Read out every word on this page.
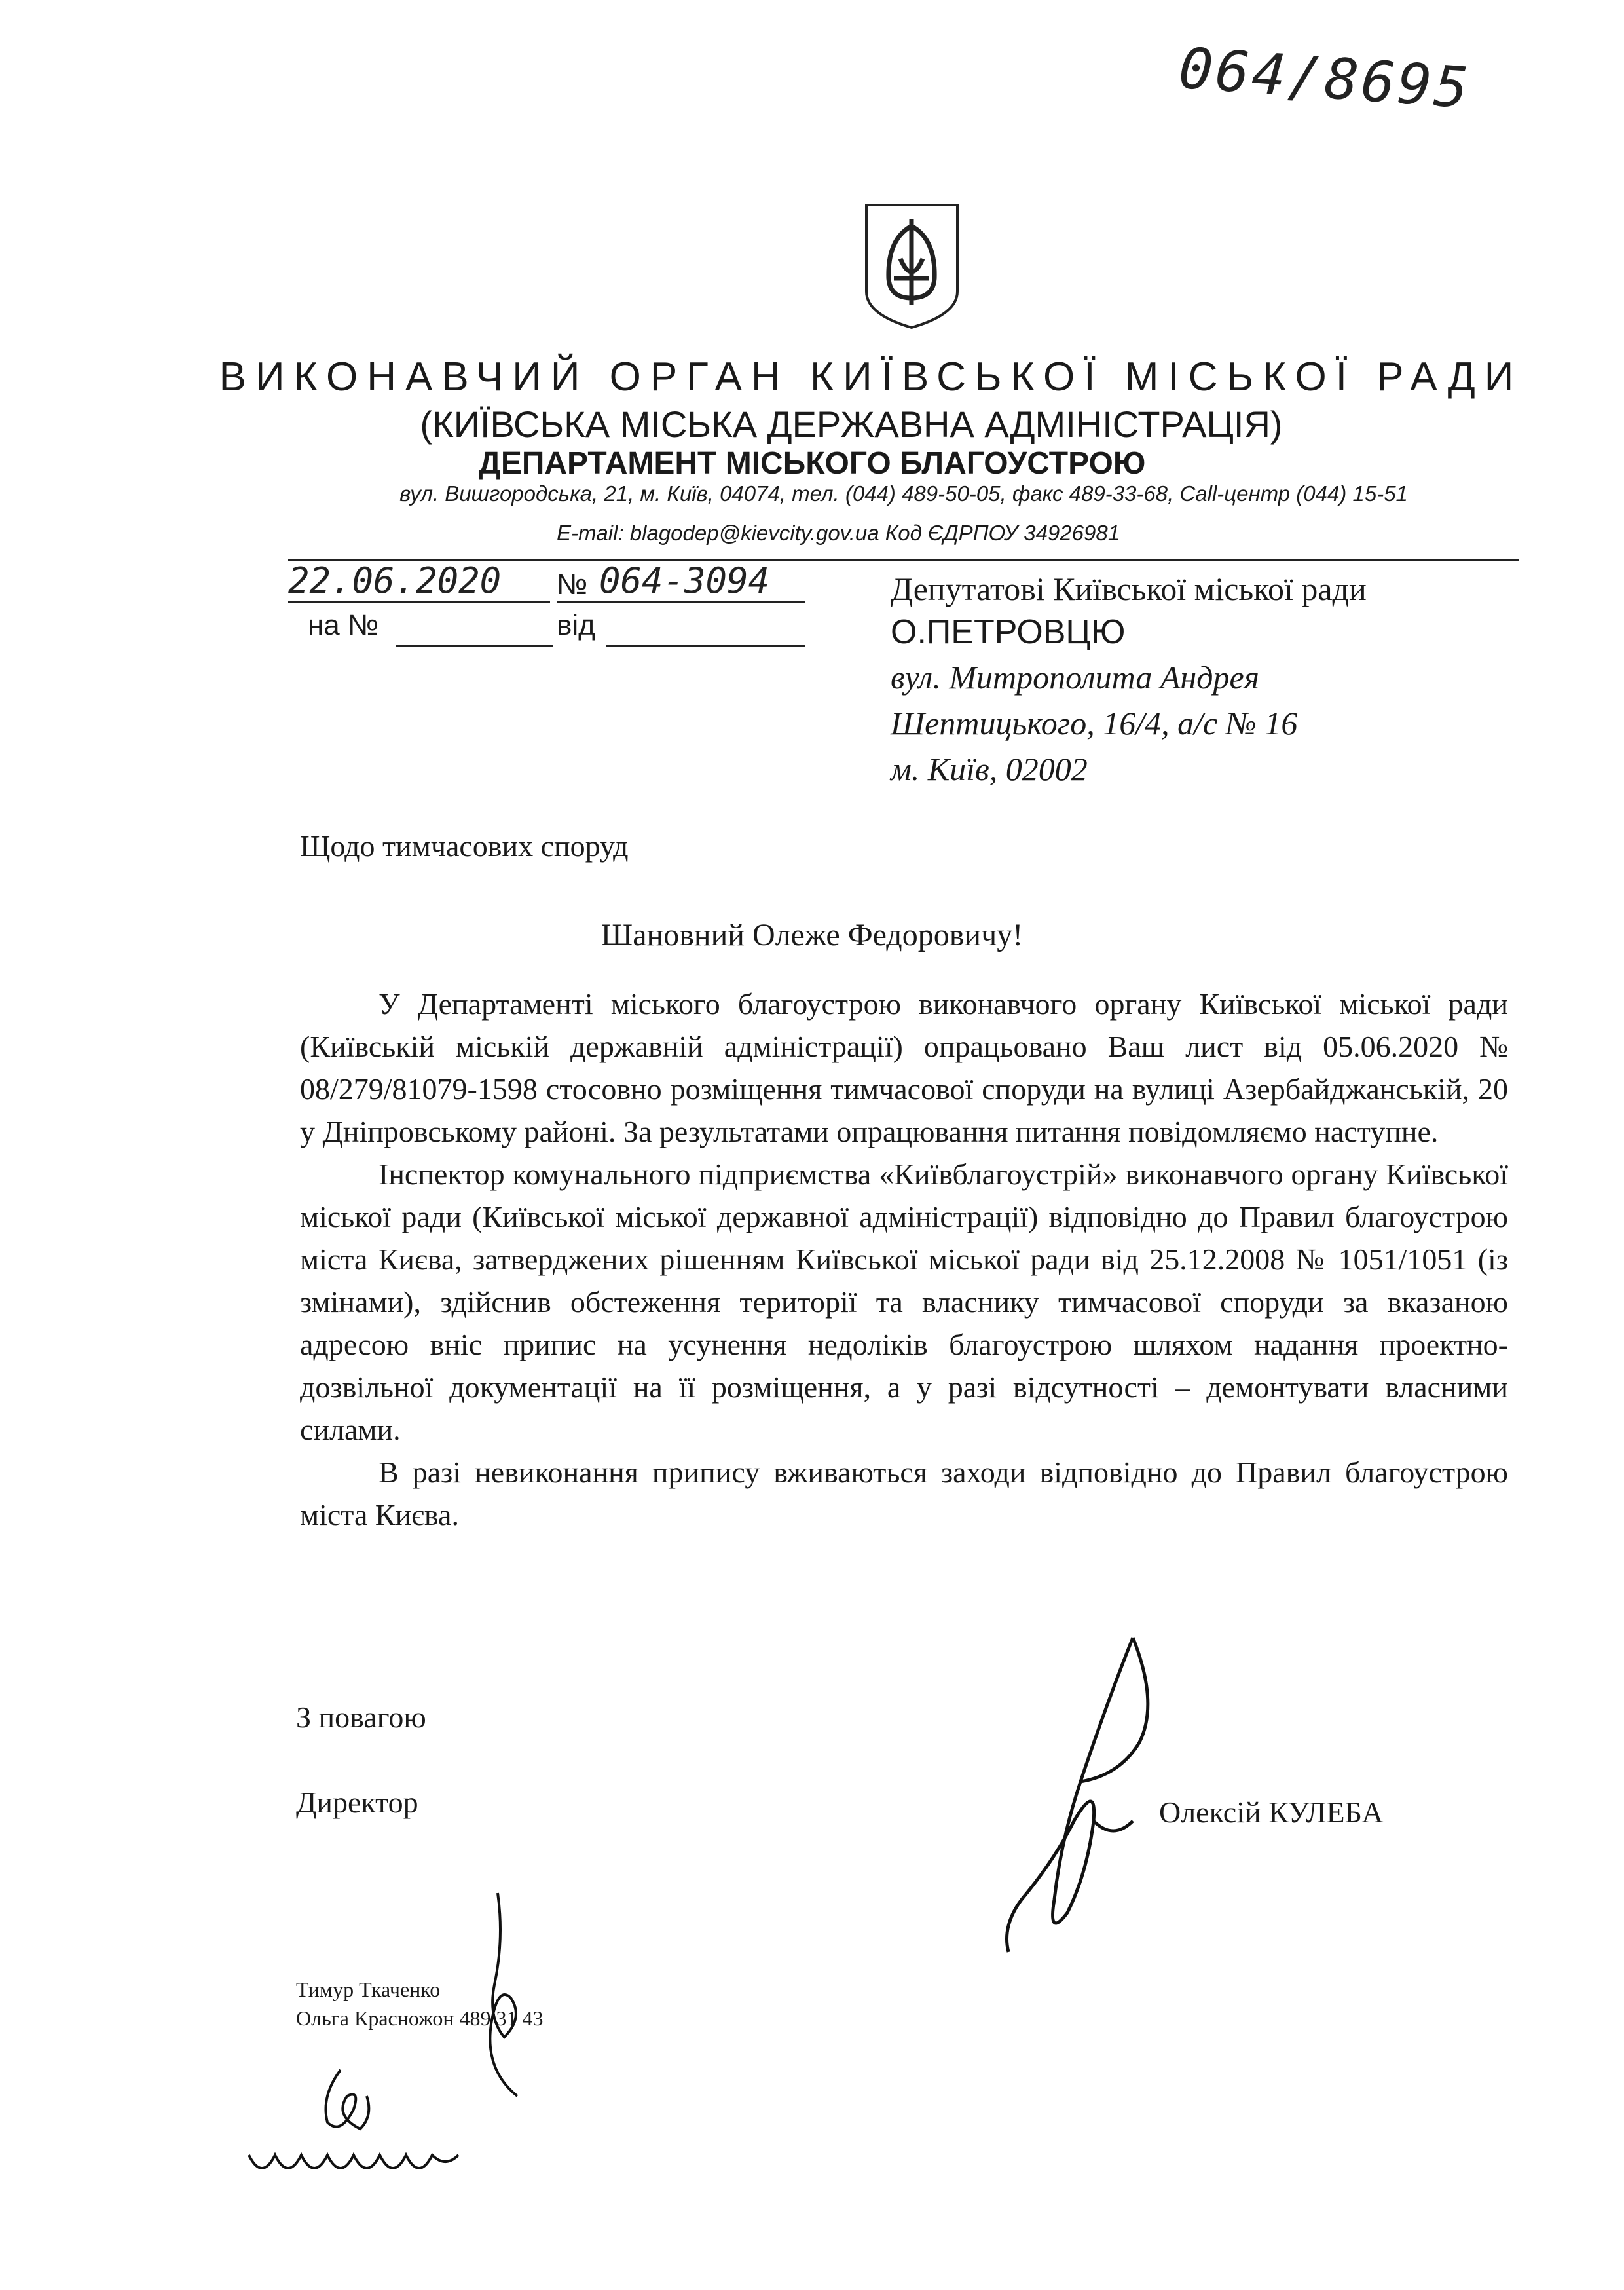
064/8695
ВИКОНАВЧИЙ ОРГАН КИЇВСЬКОЇ МІСЬКОЇ РАДИ
(КИЇВСЬКА МІСЬКА ДЕРЖАВНА АДМІНІСТРАЦІЯ)
ДЕПАРТАМЕНТ МІСЬКОГО БЛАГОУСТРОЮ
вул. Вишгородська, 21, м. Київ, 04074, тел. (044) 489-50-05, факс 489-33-68, Call-центр (044) 15-51
E-mail: blagodep@kievcity.gov.ua Код ЄДРПОУ 34926981
22.06.2020 № 064-3094
на №	від
Депутатові Київської міської ради
О.ПЕТРОВЦЮ
вул. Митрополита Андрея
Шептицького, 16/4, а/с № 16
м. Київ, 02002
Щодо тимчасових споруд
Шановний Олеже Федоровичу!

У Департаменті міського благоустрою виконавчого органу Київської міської ради (Київській міській державній адміністрації) опрацьовано Ваш лист від 05.06.2020 № 08/279/81079-1598 стосовно розміщення тимчасової споруди на вулиці Азербайджанській, 20 у Дніпровському районі. За результатами опрацювання питання повідомляємо наступне.

Інспектор комунального підприємства «Київблагоустрій» виконавчого органу Київської міської ради (Київської міської державної адміністрації) відповідно до Правил благоустрою міста Києва, затверджених рішенням Київської міської ради від 25.12.2008 № 1051/1051 (із змінами), здійснив обстеження території та власнику тимчасової споруди за вказаною адресою вніс припис на усунення недоліків благоустрою шляхом надання проектно-дозвільної документації на її розміщення, а у разі відсутності – демонтувати власними силами.

В разі невиконання припису вживаються заходи відповідно до Правил благоустрою міста Києва.

З повагою
Директор	Олексій КУЛЕБА
Тимур Ткаченко
Ольга Красножон 489 31 43
